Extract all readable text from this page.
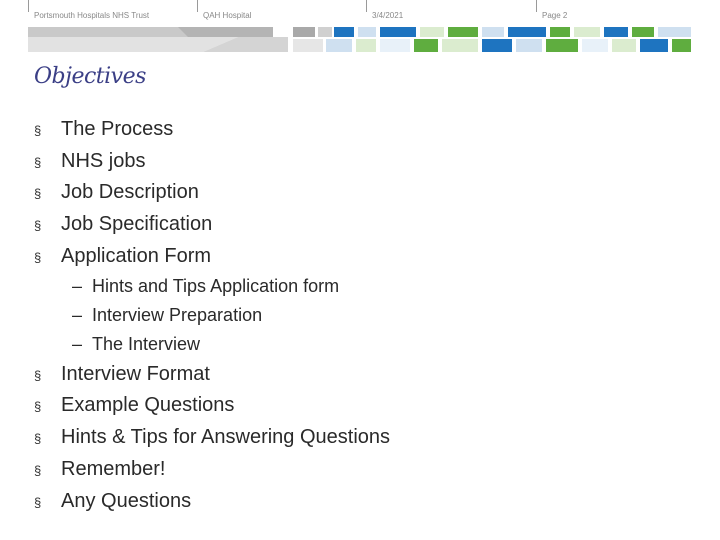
Portsmouth Hospitals NHS Trust	QAH Hospital	3/4/2021	Page 2
Objectives
§ The Process
§ NHS jobs
§ Job Description
§ Job Specification
§ Application Form
– Hints and Tips Application form
– Interview Preparation
– The Interview
§ Interview Format
§ Example Questions
§ Hints & Tips for Answering Questions
§ Remember!
§ Any Questions
